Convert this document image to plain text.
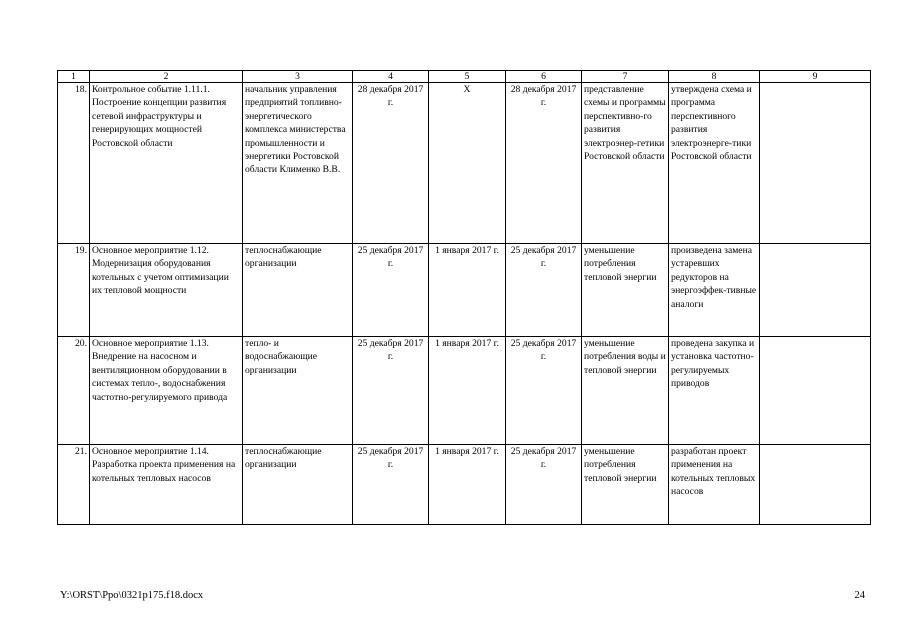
1	2	3	4	5	6	7	8	9
18.	Контрольное событие 1.11.1. Построение концепции развития сетевой инфраструктуры и генерирующих мощностей Ростовской области	начальник управления предприятий топливно-энергетического комплекса министерства промышленности и энергетики Ростовской области Клименко В.В.	28 декабря 2017 г.	Х	28 декабря 2017 г.	представление схемы и программы перспективно-го развития электроэнер-гетики Ростовской области	утверждена схема и программа перспективного развития электроэнерге-тики Ростовской области	
19.	Основное мероприятие 1.12. Модернизация оборудования котельных с учетом оптимизации их тепловой мощности	теплоснабжающие организации	25 декабря 2017 г.	1 января 2017 г.	25 декабря 2017 г.	уменьшение потребления тепловой энергии	произведена замена устаревших редукторов на энергоэффек-тивные аналоги	
20.	Основное мероприятие 1.13. Внедрение на насосном и вентиляционном оборудовании в системах тепло-, водоснабжения частотно-регулируемого привода	тепло- и водоснабжающие организации	25 декабря 2017 г.	1 января 2017 г.	25 декабря 2017 г.	уменьшение потребления воды и тепловой энергии	проведена закупка и установка частотно-регулируемых приводов	
21.	Основное мероприятие 1.14. Разработка проекта применения на котельных тепловых насосов	теплоснабжающие организации	25 декабря 2017 г.	1 января 2017 г.	25 декабря 2017 г.	уменьшение потребления тепловой энергии	разработан проект применения на котельных тепловых насосов	
Y:\ORST\Ppo\0321p175.f18.docx	24
